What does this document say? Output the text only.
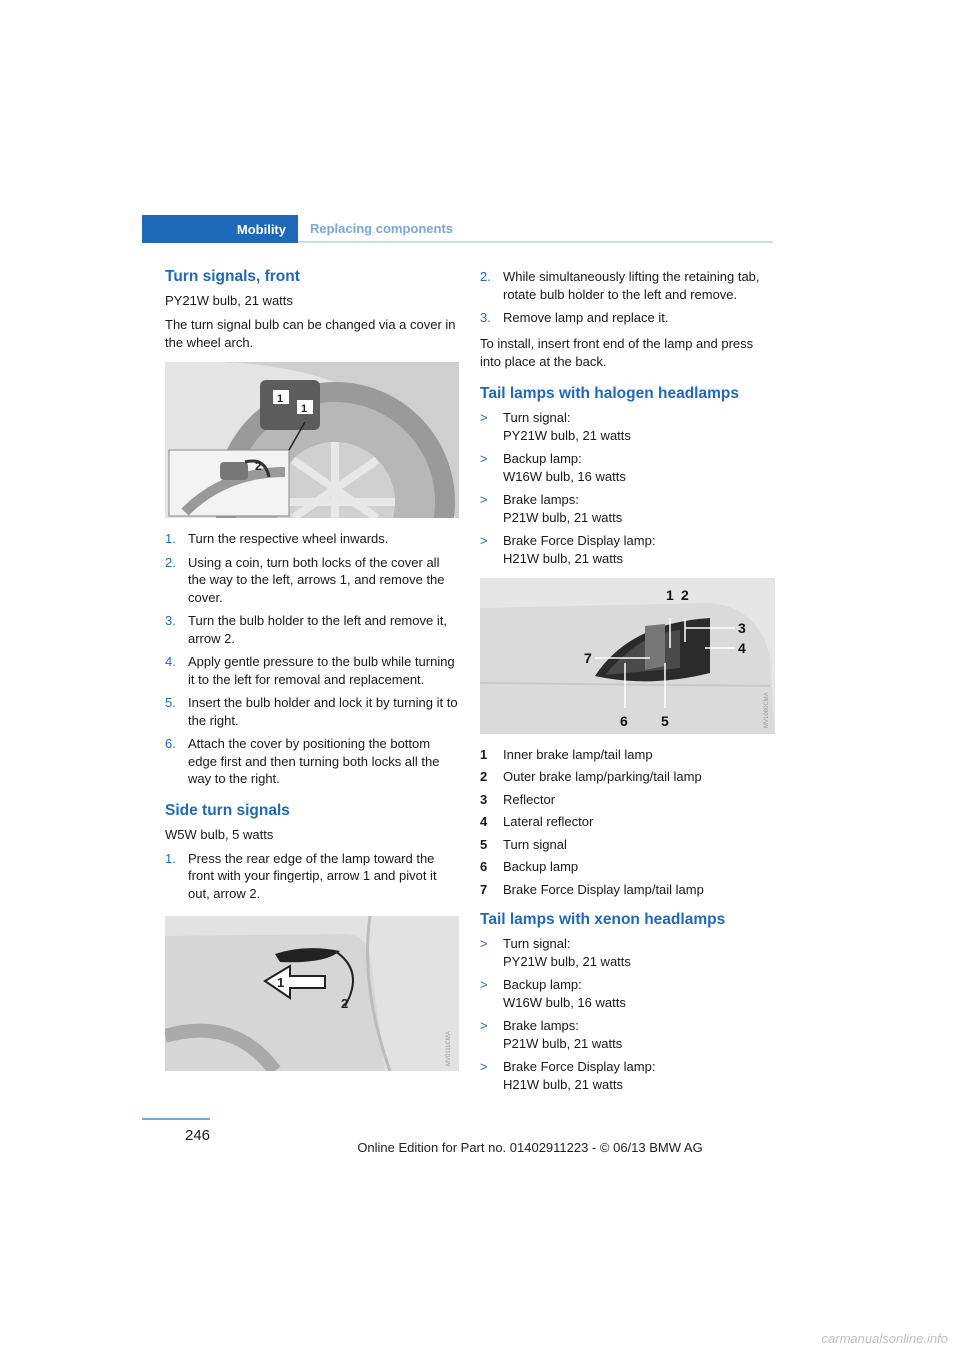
Mobility	Replacing components
Turn signals, front

PY21W bulb, 21 watts

The turn signal bulb can be changed via a cover in the wheel arch.

1
1
2
MV3040CMA
1. Turn the respective wheel inwards.
2. Using a coin, turn both locks of the cover all the way to the left, arrows 1, and remove the cover.
3. Turn the bulb holder to the left and remove it, arrow 2.
4. Apply gentle pressure to the bulb while turning it to the left for removal and replacement.
5. Insert the bulb holder and lock it by turning it to the right.
6. Attach the cover by positioning the bottom edge first and then turning both locks all the way to the right.
Side turn signals

W5W bulb, 5 watts

1. Press the rear edge of the lamp toward the front with your fingertip, arrow 1 and pivot it out, arrow 2.
1
2
MV0111CMA
2. While simultaneously lifting the retaining tab, rotate bulb holder to the left and remove.
3. Remove lamp and replace it.

To install, insert front end of the lamp and press into place at the back.

Tail lamps with halogen headlamps
> Turn signal:
PY21W bulb, 21 watts
> Backup lamp:
W16W bulb, 16 watts
> Brake lamps:
P21W bulb, 21 watts
> Brake Force Display lamp:
H21W bulb, 21 watts
1 2
3
4
5
6
7
MV1080CMA
1 Inner brake lamp/tail lamp
2 Outer brake lamp/parking/tail lamp
3 Reflector
4 Lateral reflector
5 Turn signal
6 Backup lamp
7 Brake Force Display lamp/tail lamp
Tail lamps with xenon headlamps
> Turn signal:
PY21W bulb, 21 watts
> Backup lamp:
W16W bulb, 16 watts
> Brake lamps:
P21W bulb, 21 watts
> Brake Force Display lamp:
H21W bulb, 21 watts
246
Online Edition for Part no. 01402911223 - © 06/13 BMW AG
carmanualsonline.info
